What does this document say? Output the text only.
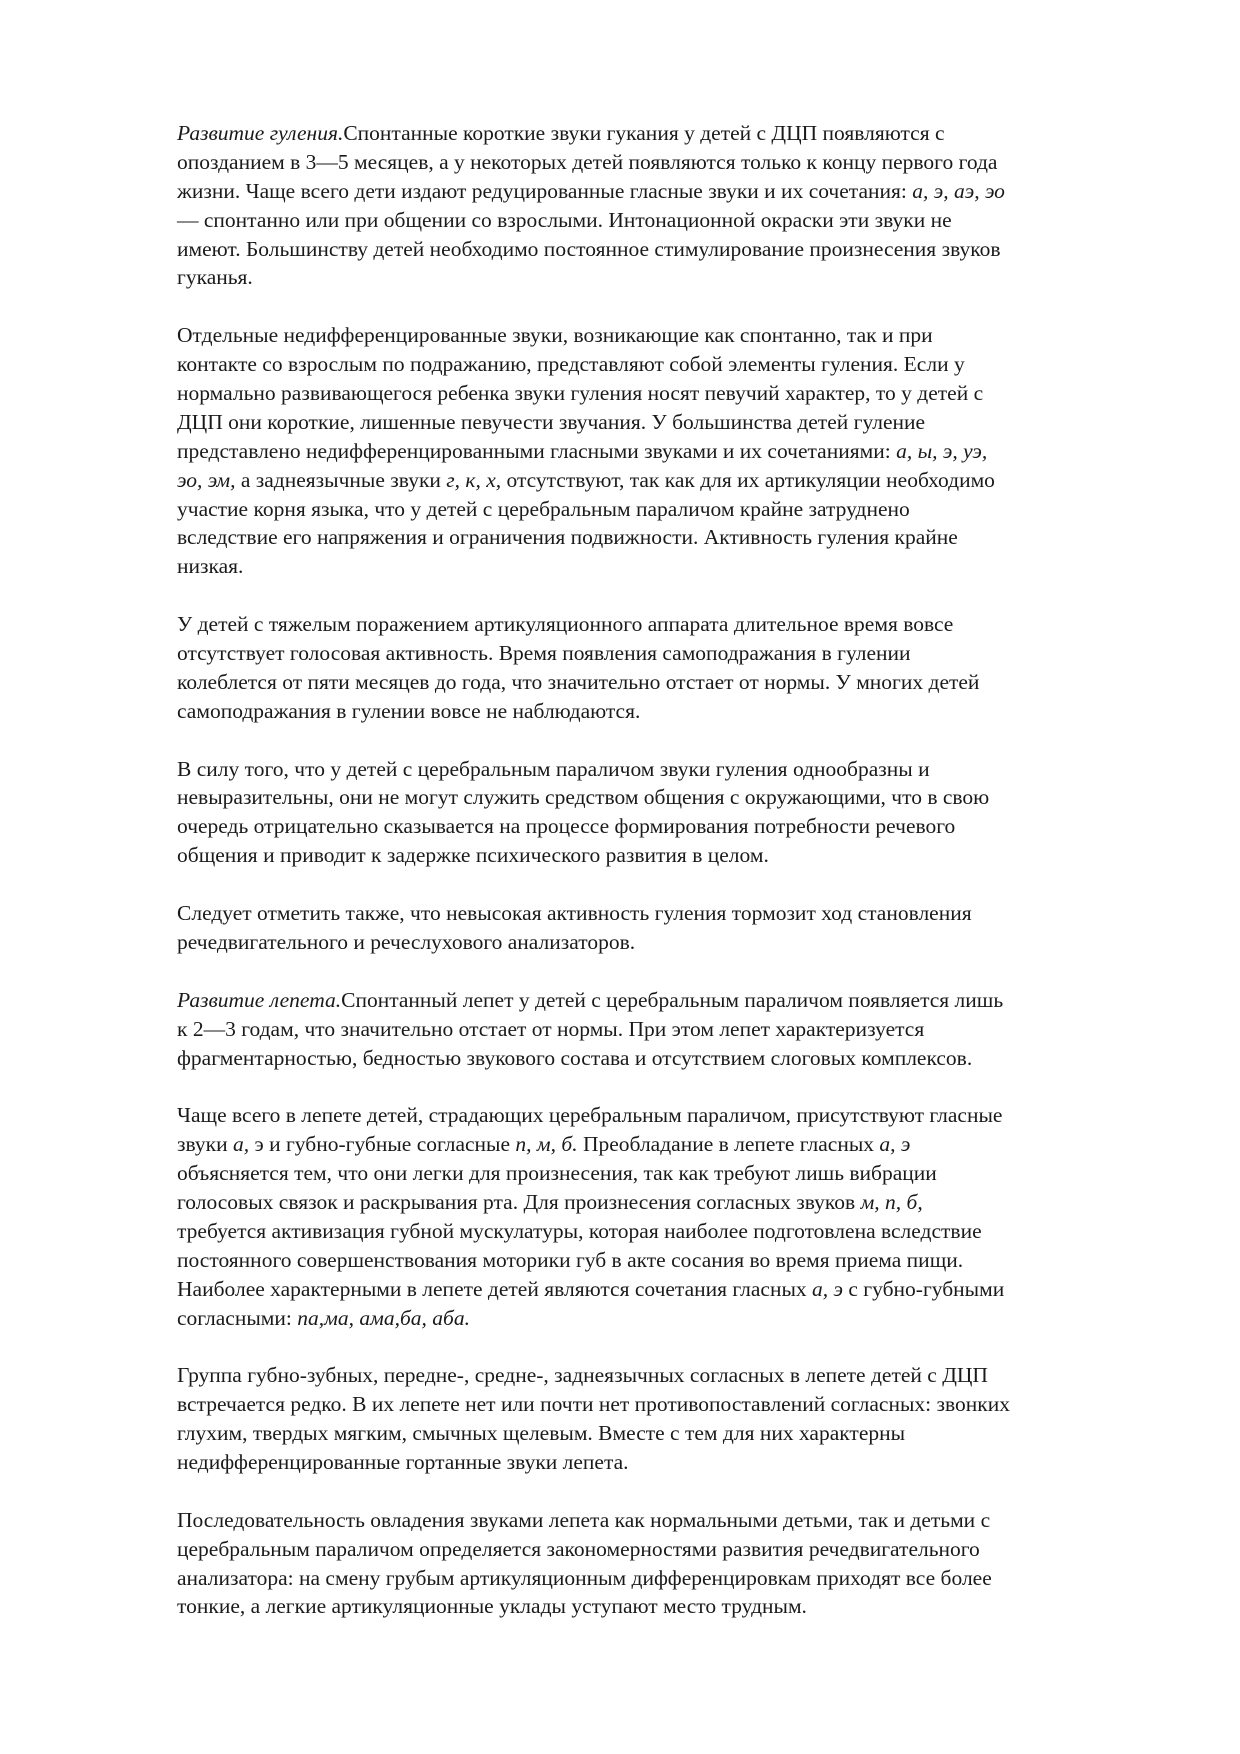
Развитие гуления.Спонтанные короткие звуки гукания у детей с ДЦП появляются с
опозданием в 3—5 месяцев, а у некоторых детей появляются только к концу первого года
жизни. Чаще всего дети издают редуцированные гласные звуки и их сочетания: а, э, аэ, эо
— спонтанно или при общении со взрослыми. Интонационной окраски эти звуки не
имеют. Большинству детей необходимо постоянное стимулирование произнесения звуков
гуканья.
Отдельные недифференцированные звуки, возникающие как спонтанно, так и при
контакте со взрослым по подражанию, представляют собой элементы гуления. Если у
нормально развивающегося ребенка звуки гуления носят певучий характер, то у детей с
ДЦП они короткие, лишенные певучести звучания. У большинства детей гуление
представлено недифференцированными гласными звуками и их сочетаниями: а, ы, э, уэ,
эо, эм, а заднеязычные звуки г, к, х, отсутствуют, так как для их артикуляции необходимо
участие корня языка, что у детей с церебральным параличом крайне затруднено
вследствие его напряжения и ограничения подвижности. Активность гуления крайне
низкая.
У детей с тяжелым поражением артикуляционного аппарата длительное время вовсе
отсутствует голосовая активность. Время появления самоподражания в гулении
колеблется от пяти месяцев до года, что значительно отстает от нормы. У многих детей
самоподражания в гулении вовсе не наблюдаются.
В силу того, что у детей с церебральным параличом звуки гуления однообразны и
невыразительны, они не могут служить средством общения с окружающими, что в свою
очередь отрицательно сказывается на процессе формирования потребности речевого
общения и приводит к задержке психического развития в целом.
Следует отметить также, что невысокая активность гуления тормозит ход становления
речедвигательного и речеслухового анализаторов.
Развитие лепета.Спонтанный лепет у детей с церебральным параличом появляется лишь
к 2—3 годам, что значительно отстает от нормы. При этом лепет характеризуется
фрагментарностью, бедностью звукового состава и отсутствием слоговых комплексов.
Чаще всего в лепете детей, страдающих церебральным параличом, присутствуют гласные
звуки а, э и губно-губные согласные п, м, б. Преобладание в лепете гласных а, э
объясняется тем, что они легки для произнесения, так как требуют лишь вибрации
голосовых связок и раскрывания рта. Для произнесения согласных звуков м, п, б,
требуется активизация губной мускулатуры, которая наиболее подготовлена вследствие
постоянного совершенствования моторики губ в акте сосания во время приема пищи.
Наиболее характерными в лепете детей являются сочетания гласных а, э с губно-губными
согласными: па,ма, ама,ба, аба.
Группа губно-зубных, передне-, средне-, заднеязычных согласных в лепете детей с ДЦП
встречается редко. В их лепете нет или почти нет противопоставлений согласных: звонких
глухим, твердых мягким, смычных щелевым. Вместе с тем для них характерны
недифференцированные гортанные звуки лепета.
Последовательность овладения звуками лепета как нормальными детьми, так и детьми с
церебральным параличом определяется закономерностями развития речедвигательного
анализатора: на смену грубым артикуляционным дифференцировкам приходят все более
тонкие, а легкие артикуляционные уклады уступают место трудным.
